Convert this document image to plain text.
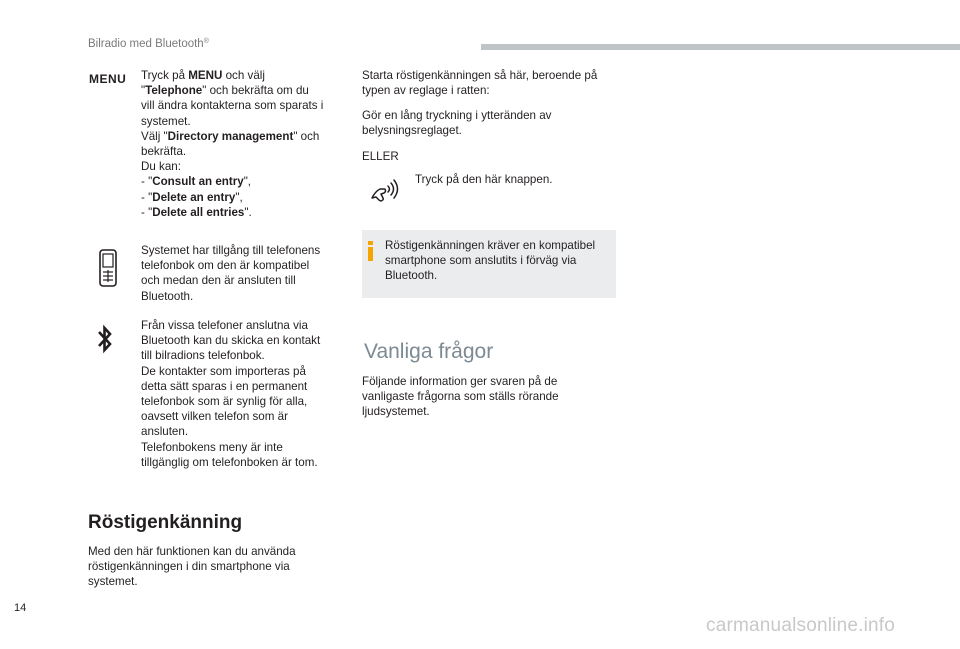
Bilradio med Bluetooth®
MENU Tryck på MENU och välj
"Telephone" och bekräfta om du
vill ändra kontakterna som sparats i
systemet.
Välj "Directory management" och
bekräfta.
Du kan:
- "Consult an entry",
- "Delete an entry",
- "Delete all entries".
Systemet har tillgång till telefonens
telefonbok om den är kompatibel
och medan den är ansluten till
Bluetooth.
Från vissa telefoner anslutna via
Bluetooth kan du skicka en kontakt
till bilradions telefonbok.
De kontakter som importeras på
detta sätt sparas i en permanent
telefonbok som är synlig för alla,
oavsett vilken telefon som är
ansluten.
Telefonbokens meny är inte
tillgänglig om telefonboken är tom.
Röstigenkänning
Med den här funktionen kan du använda
röstigenkänningen i din smartphone via
systemet.
Starta röstigenkänningen så här, beroende på
typen av reglage i ratten:
Gör en lång tryckning i ytteränden av
belysningsreglaget.
ELLER
Tryck på den här knappen.
Röstigenkänningen kräver en kompatibel
smartphone som anslutits i förväg via
Bluetooth.
Vanliga frågor
Följande information ger svaren på de
vanligaste frågorna som ställs rörande
ljudsystemet.
14
carmanualsonline.info
